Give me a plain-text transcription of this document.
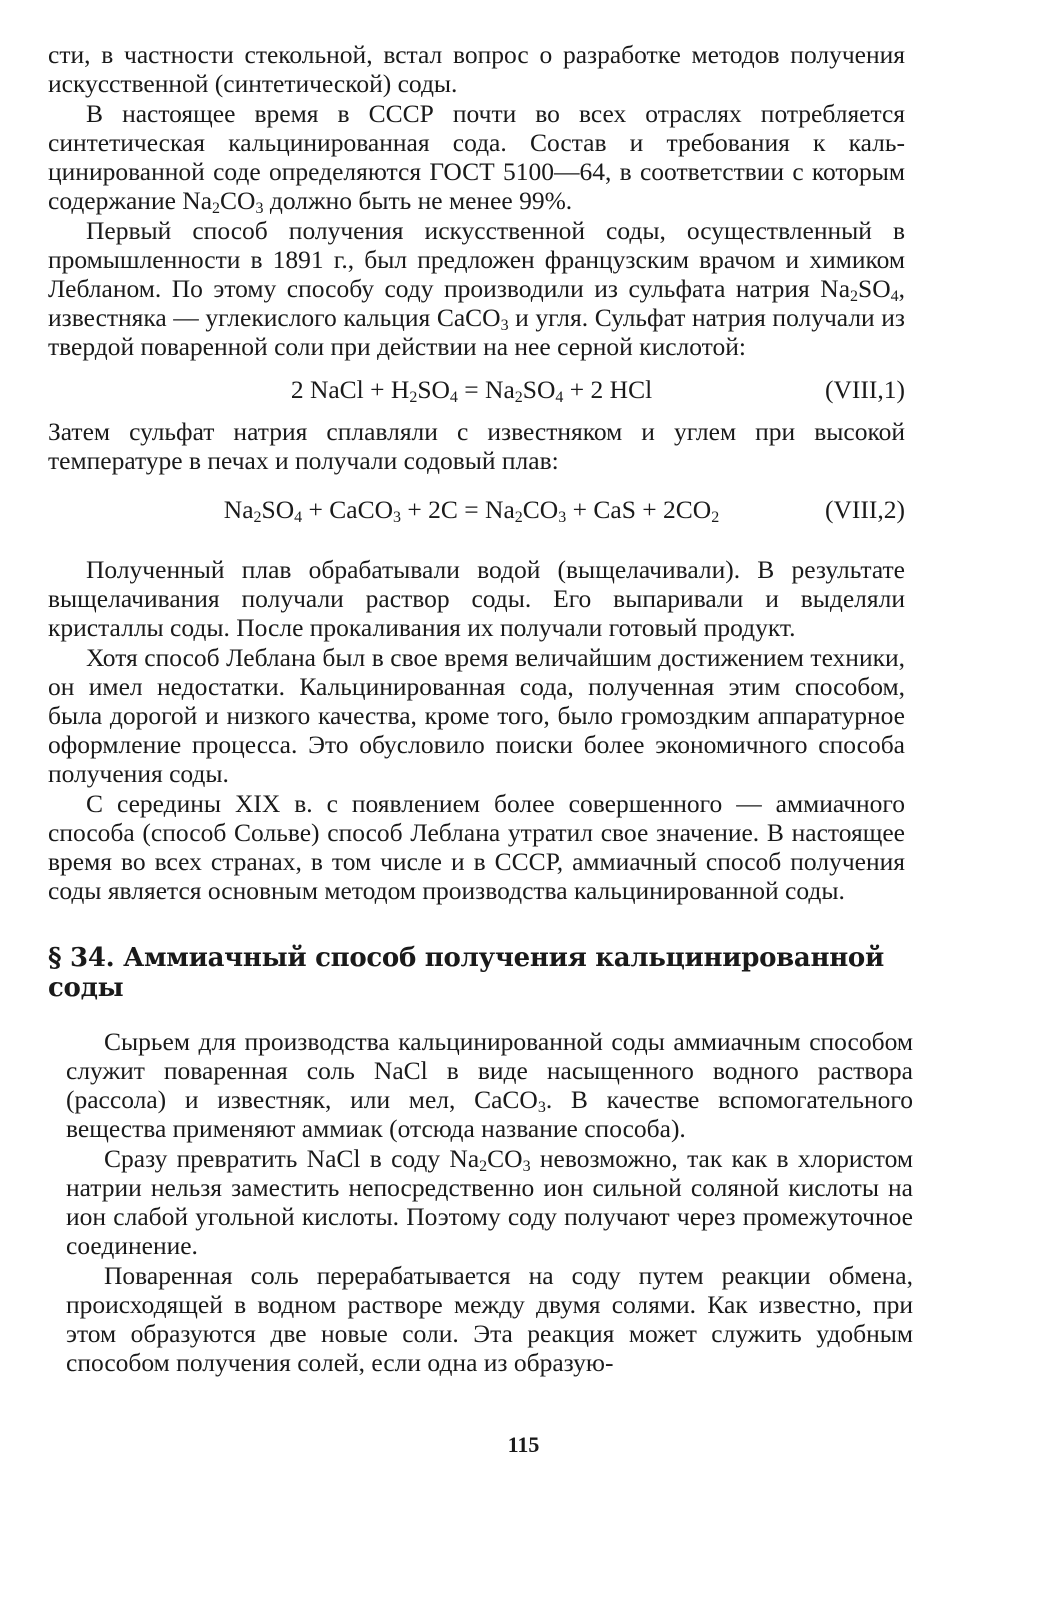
сти, в частности стекольной, встал вопрос о разработке методов получения искусственной (синтетической) соды.

В настоящее время в СССР почти во всех отраслях потребляется синтетическая кальцинированная сода. Состав и требования к кальцинированной соде определяются ГОСТ 5100—64, в соответствии с которым содержание $Na_2CO_3$ должно быть не менее 99%.

Первый способ получения искусственной соды, осуществленный в промышленности в 1891 г., был предложен французским врачом и химиком Лебланом. По этому способу соду производили из сульфата натрия $Na_2SO_4$, известняка — углекислого кальция CaCO$_3$ и угля. Сульфат натрия получали из твердой поваренной соли при действии на нее серной кислотой:

2 NaCl + $H_2SO_4 = Na_2SO_4 + 2$ HCl	(VIII,1)

Затем сульфат натрия сплавляли с известняком и углем при высокой температуре в печах и получали содовый плав:

$Na_2SO_4$ + CaCO$_3$ + $2C = Na_2CO_3$ + CaS + $2CO_2$	(VIII,2)

Полученный плав обрабатывали водой (выщелачивали). В результате выщелачивания получали раствор соды. Его выпаривали и выделяли кристаллы соды. После прокаливания их получали готовый продукт.

Хотя способ Леблана был в свое время величайшим достижением техники, он имел недостатки. Кальцинированная сода, полученная этим способом, была дорогой и низкого качества, кроме того, было громоздким аппаратурное оформление процесса. Это обусловило поиски более экономичного способа получения соды.

С середины XIX в. с появлением более совершенного — аммиачного способа (способ Сольве) способ Леблана утратил свое значение. В настоящее время во всех странах, в том числе и в СССР, аммиачный способ получения соды является основным методом производства кальцинированной соды.

§ 34. Аммиачный способ получения кальцинированной соды

Сырьем для производства кальцинированной соды аммиачным способом служит поваренная соль NaCl в виде насыщенного водного раствора (рассола) и известняк, или мел, CaCO$_3$. В качестве вспомогательного вещества применяют аммиак (отсюда название способа).

Сразу превратить NaCl в соду $Na_2CO_3$ невозможно, так как в хлористом натрии нельзя заместить непосредственно ион сильной соляной кислоты на ион слабой угольной кислоты. Поэтому соду получают через промежуточное соединение.

Поваренная соль перерабатывается на соду путем реакции обмена, происходящей в водном растворе между двумя солями. Как известно, при этом образуются две новые соли. Эта реакция может служить удобным способом получения солей, если одна из образую-

115
